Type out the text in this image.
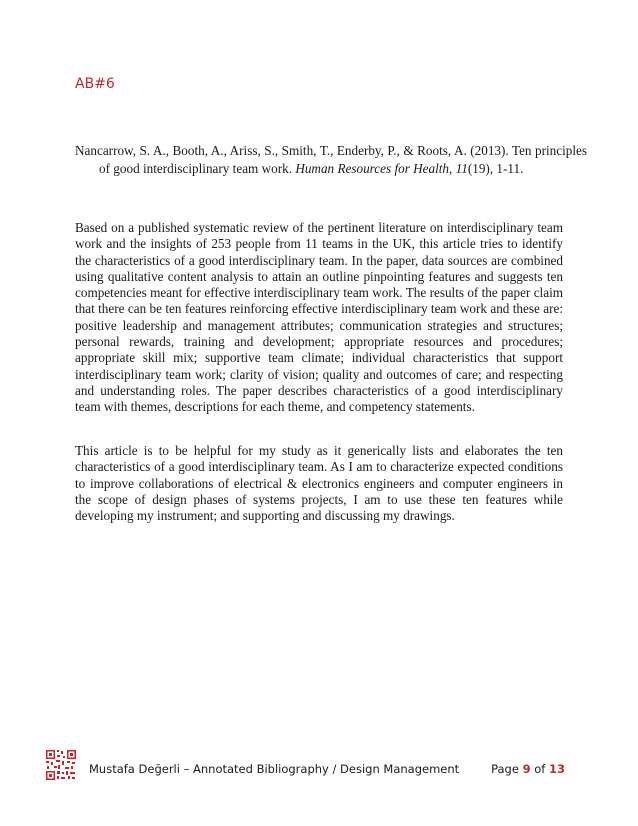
AB#6

Nancarrow, S. A., Booth, A., Ariss, S., Smith, T., Enderby, P., & Roots, A. (2013). Ten principles of good interdisciplinary team work. Human Resources for Health, 11(19), 1-11.

Based on a published systematic review of the pertinent literature on interdisciplinary team work and the insights of 253 people from 11 teams in the UK, this article tries to identify the characteristics of a good interdisciplinary team. In the paper, data sources are combined using qualitative content analysis to attain an outline pinpointing features and suggests ten competencies meant for effective interdisciplinary team work. The results of the paper claim that there can be ten features reinforcing effective interdisciplinary team work and these are: positive leadership and management attributes; communication strategies and structures; personal rewards, training and development; appropriate resources and procedures; appropriate skill mix; supportive team climate; individual characteristics that support interdisciplinary team work; clarity of vision; quality and outcomes of care; and respecting and understanding roles. The paper describes characteristics of a good interdisciplinary team with themes, descriptions for each theme, and competency statements.

This article is to be helpful for my study as it generically lists and elaborates the ten characteristics of a good interdisciplinary team. As I am to characterize expected conditions to improve collaborations of electrical & electronics engineers and computer engineers in the scope of design phases of systems projects, I am to use these ten features while developing my instrument; and supporting and discussing my drawings.

Mustafa Değerli – Annotated Bibliography / Design Management	Page 9 of 13
